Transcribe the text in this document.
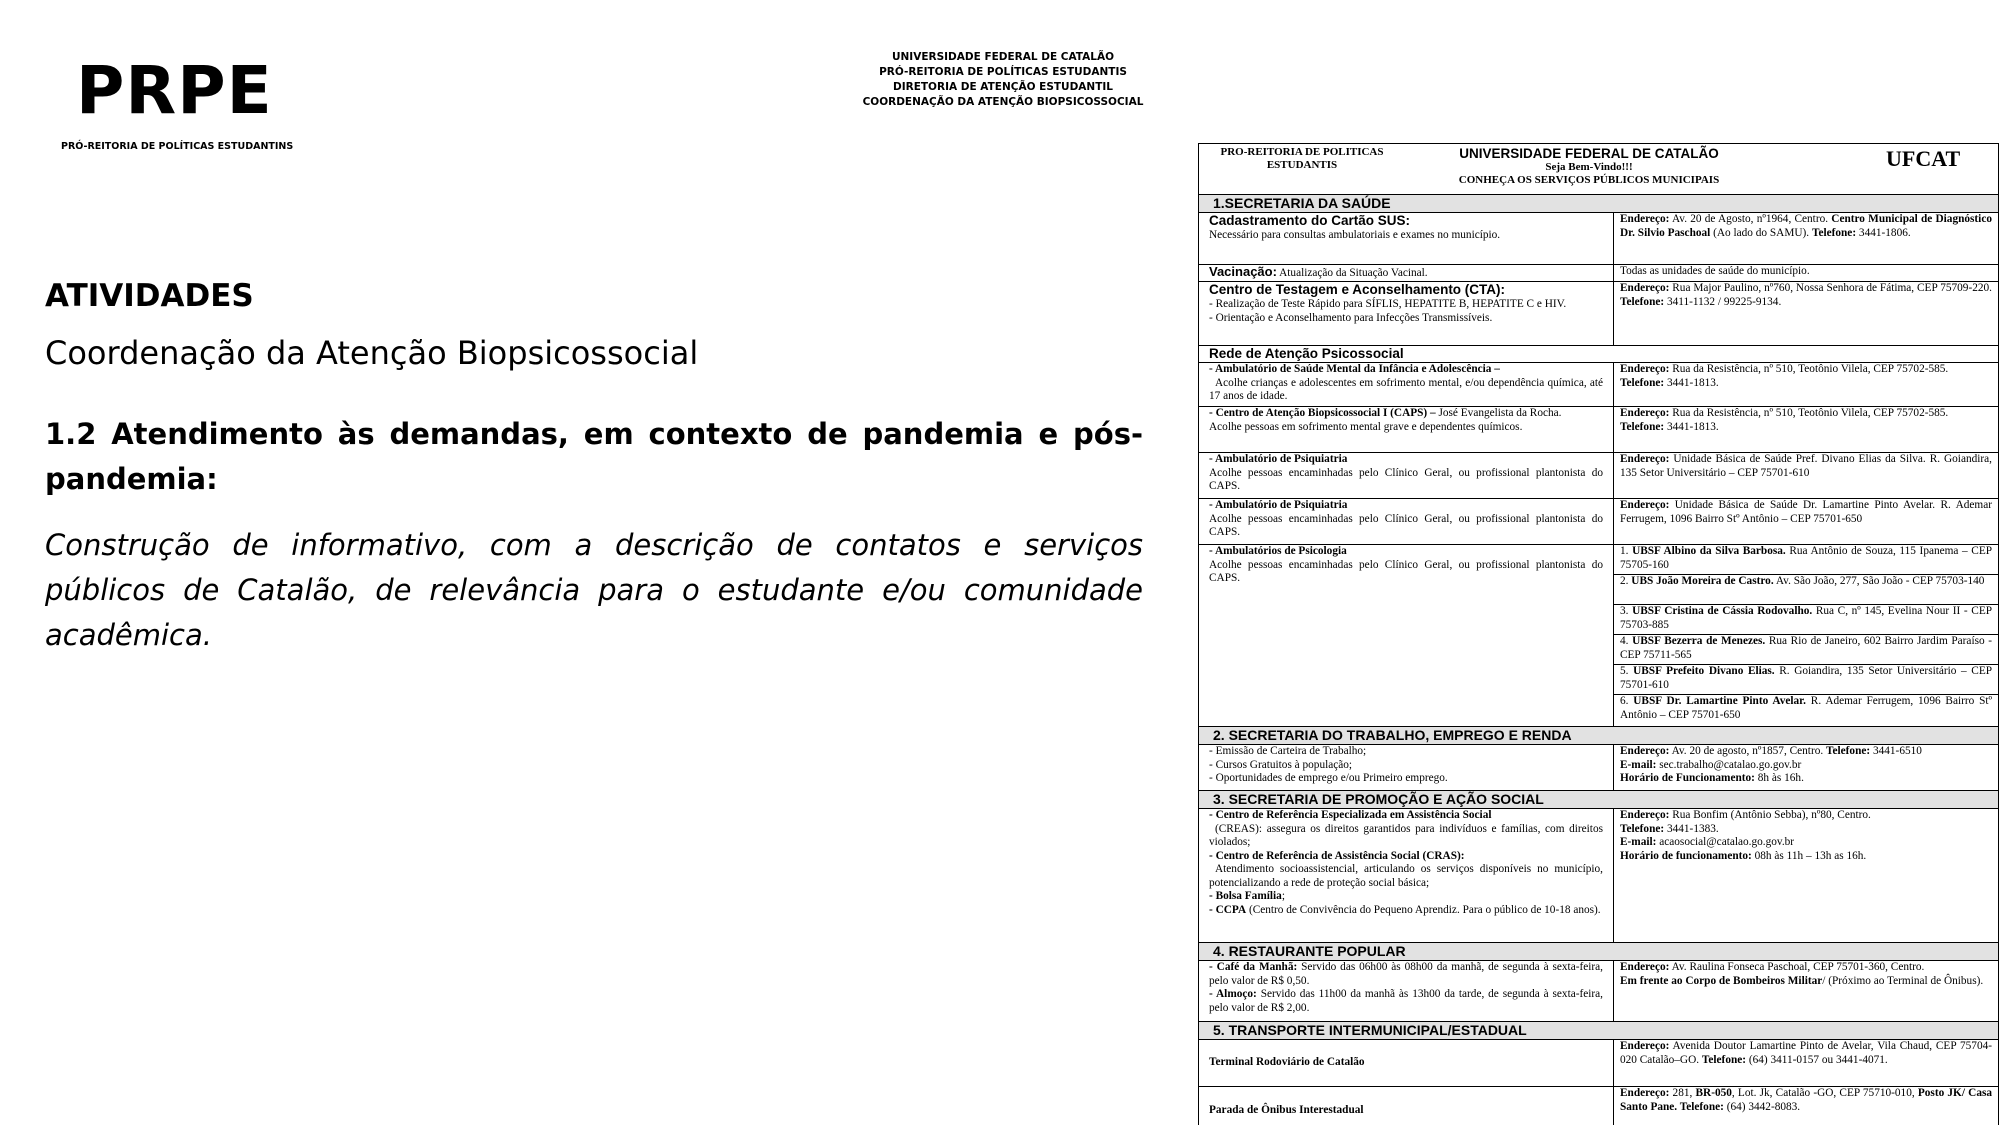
PRPE
PRÓ-REITORIA DE POLÍTICAS ESTUDANTINS
UNIVERSIDADE FEDERAL DE CATALÃO
PRÓ-REITORIA DE POLÍTICAS ESTUDANTIS
DIRETORIA DE ATENÇÃO ESTUDANTIL
COORDENAÇÃO DA ATENÇÃO BIOPSICOSSOCIAL
ATIVIDADES
Coordenação da Atenção Biopsicossocial
1.2 Atendimento às demandas, em contexto de pandemia e pós-pandemia:
Construção de informativo, com a descrição de contatos e serviços públicos de Catalão, de relevância para o estudante e/ou comunidade acadêmica.
PRO-REITORIA DE POLITICAS
ESTUDANTIS
UNIVERSIDADE FEDERAL DE CATALÃO
Seja Bem-Vindo!!!
CONHEÇA OS SERVIÇOS PÚBLICOS MUNICIPAIS
UFCAT
1.SECRETARIA DA SAÚDE
Cadastramento do Cartão SUS:
Necessário para consultas ambulatoriais e exames no município.
Endereço: Av. 20 de Agosto, nº1964, Centro. Centro Municipal de Diagnóstico Dr. Silvio Paschoal (Ao lado do SAMU). Telefone: 3441-1806.
Vacinação: Atualização da Situação Vacinal.	Todas as unidades de saúde do município.
Centro de Testagem e Aconselhamento (CTA):
- Realização de Teste Rápido para SÍFLIS, HEPATITE B, HEPATITE C e HIV.
- Orientação e Aconselhamento para Infecções Transmissíveis.
Endereço: Rua Major Paulino, nº760, Nossa Senhora de Fátima, CEP 75709-220. Telefone: 3411-1132 / 99225-9134.
Rede de Atenção Psicossocial
- Ambulatório de Saúde Mental da Infância e Adolescência –
Acolhe crianças e adolescentes em sofrimento mental, e/ou dependência química, até 17 anos de idade.
Endereço: Rua da Resistência, nº 510, Teotônio Vilela, CEP 75702-585.
Telefone: 3441-1813.
- Centro de Atenção Biopsicossocial I (CAPS) – José Evangelista da Rocha.
Acolhe pessoas em sofrimento mental grave e dependentes químicos.
Endereço: Rua da Resistência, nº 510, Teotônio Vilela, CEP 75702-585.
Telefone: 3441-1813.
- Ambulatório de Psiquiatria
Acolhe pessoas encaminhadas pelo Clínico Geral, ou profissional plantonista do CAPS.
Endereço: Unidade Básica de Saúde Pref. Divano Elias da Silva. R. Goiandira, 135 Setor Universitário – CEP 75701-610
- Ambulatório de Psiquiatria
Acolhe pessoas encaminhadas pelo Clínico Geral, ou profissional plantonista do CAPS.
Endereço: Unidade Básica de Saúde Dr. Lamartine Pinto Avelar. R. Ademar Ferrugem, 1096 Bairro Stº Antônio – CEP 75701-650
- Ambulatórios de Psicologia
Acolhe pessoas encaminhadas pelo Clínico Geral, ou profissional plantonista do CAPS.
1. UBSF Albino da Silva Barbosa. Rua Antônio de Souza, 115 Ipanema – CEP 75705-160
2. UBS João Moreira de Castro. Av. São João, 277, São João - CEP 75703-140
3. UBSF Cristina de Cássia Rodovalho. Rua C, nº 145, Evelina Nour II - CEP 75703-885
4. UBSF Bezerra de Menezes. Rua Rio de Janeiro, 602 Bairro Jardim Paraíso - CEP 75711-565
5. UBSF Prefeito Divano Elias. R. Goiandira, 135 Setor Universitário – CEP 75701-610
6. UBSF Dr. Lamartine Pinto Avelar. R. Ademar Ferrugem, 1096 Bairro Stº Antônio – CEP 75701-650
2. SECRETARIA DO TRABALHO, EMPREGO E RENDA
- Emissão de Carteira de Trabalho;
- Cursos Gratuitos à população;
- Oportunidades de emprego e/ou Primeiro emprego.
Endereço: Av. 20 de agosto, nº1857, Centro. Telefone: 3441-6510
E-mail: sec.trabalho@catalao.go.gov.br
Horário de Funcionamento: 8h às 16h.
3. SECRETARIA DE PROMOÇÃO E AÇÃO SOCIAL
- Centro de Referência Especializada em Assistência Social
(CREAS): assegura os direitos garantidos para indivíduos e famílias, com direitos violados;
- Centro de Referência de Assistência Social (CRAS):
Atendimento socioassistencial, articulando os serviços disponíveis no município, potencializando a rede de proteção social básica;
- Bolsa Família;
- CCPA (Centro de Convivência do Pequeno Aprendiz. Para o público de 10-18 anos).
Endereço: Rua Bonfim (Antônio Sebba), nº80, Centro.
Telefone: 3441-1383.
E-mail: acaosocial@catalao.go.gov.br
Horário de funcionamento: 08h às 11h – 13h as 16h.
4. RESTAURANTE POPULAR
- Café da Manhã: Servido das 06h00 às 08h00 da manhã, de segunda à sexta-feira, pelo valor de R$ 0,50.
- Almoço: Servido das 11h00 da manhã às 13h00 da tarde, de segunda à sexta-feira, pelo valor de R$ 2,00.
Endereço: Av. Raulina Fonseca Paschoal, CEP 75701-360, Centro.
Em frente ao Corpo de Bombeiros Militar/ (Próximo ao Terminal de Ônibus).
5. TRANSPORTE INTERMUNICIPAL/ESTADUAL
Terminal Rodoviário de Catalão
Endereço: Avenida Doutor Lamartine Pinto de Avelar, Vila Chaud, CEP 75704-020 Catalão–GO. Telefone: (64) 3411-0157 ou 3441-4071.
Parada de Ônibus Interestadual
Endereço: 281, BR-050, Lot. Jk, Catalão -GO, CEP 75710-010, Posto JK/ Casa Santo Pane. Telefone: (64) 3442-8083.
